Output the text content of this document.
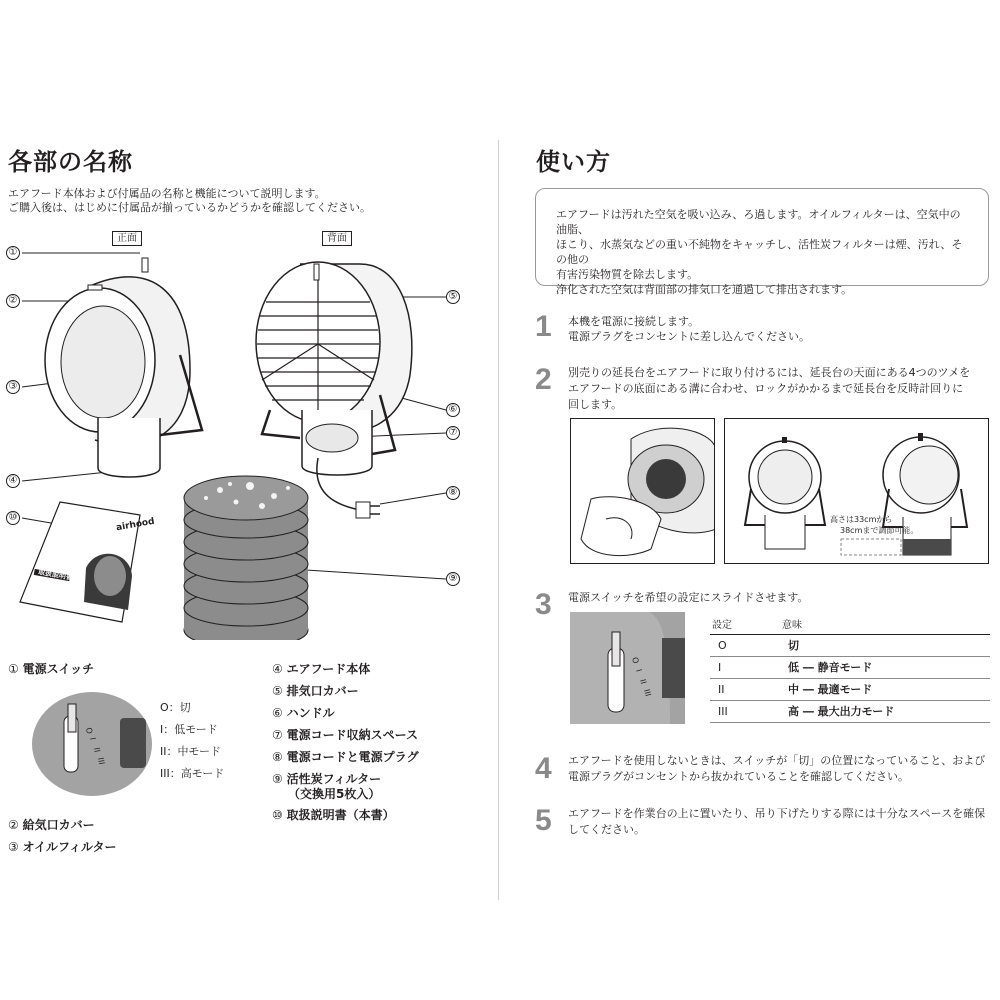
各部の名称
エアフード本体および付属品の名称と機能について説明します。
ご購入後は、はじめに付属品が揃っているかどうかを確認してください。
正面	背面
①
②
③
④
⑤
⑥
⑦
⑧
⑨
⑩	airhood
取扱説明書
① 電源スイッチ
O
I
II
III
O：切
I：低モード
II：中モード
III：高モード
② 給気口カバー
③ オイルフィルター
④ エアフード本体
⑤ 排気口カバー
⑥ ハンドル
⑦ 電源コード収納スペース
⑧ 電源コードと電源プラグ
⑨ 活性炭フィルター
（交換用5枚入）
⑩ 取扱説明書（本書）
使い方
エアフードは汚れた空気を吸い込み、ろ過します。オイルフィルターは、空気中の油脂、
ほこり、水蒸気などの重い不純物をキャッチし、活性炭フィルターは煙、汚れ、その他の
有害汚染物質を除去します。
浄化された空気は背面部の排気口を通過して排出されます。
1 本機を電源に接続します。
電源プラグをコンセントに差し込んでください。
2 別売りの延長台をエアフードに取り付けるには、延長台の天面にある4つのツメを
エアフードの底面にある溝に合わせ、ロックがかかるまで延長台を反時計回りに
回します。
高さは33cmから
38cmまで調節可能。
3 電源スイッチを希望の設定にスライドさせます。
O
I
II
III
設定	意味
O	切
I	低 ― 静音モード
II	中 ― 最適モード
III	高 ― 最大出力モード
4 エアフードを使用しないときは、スイッチが「切」の位置になっていること、および
電源プラグがコンセントから抜かれていることを確認してください。
5 エアフードを作業台の上に置いたり、吊り下げたりする際には十分なスペースを確保
してください。
